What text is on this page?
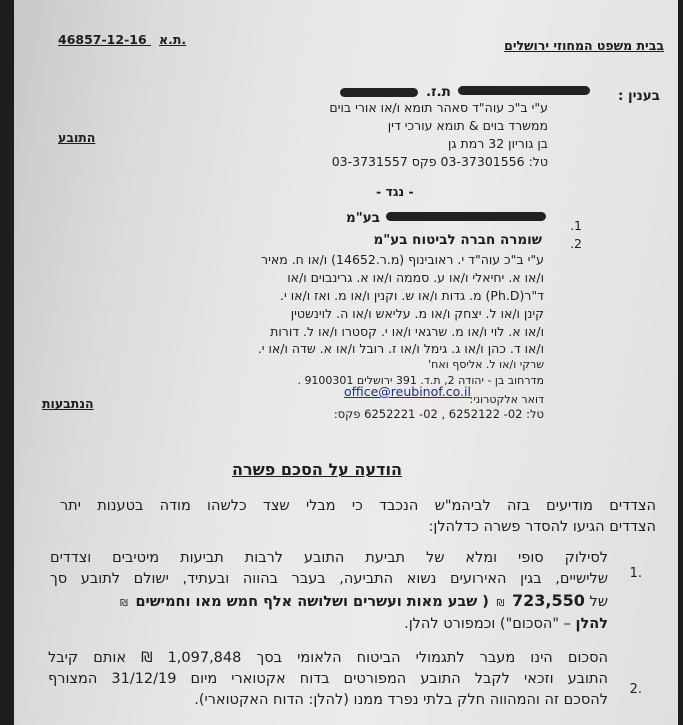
46857-12-16 ת.א.	בבית משפט המחוזי ירושלים
בענין :
ת.ז.
ע"י ב"כ עוה"ד סאהר תומא ו/או אורי בוים
ממשרד בוים & תומא עורכי דין
בן גוריון 32 רמת גן
טל: 03-37301556 פקס 03-3731557
התובע
- נגד -
1.
בע"מ
2.
שומרה חברה לביטוח בע"מ
ע"י ב"כ עוה"ד י. ראובינוף (מ.ר.14652) ו/או ח. מאיר
ו/או א. יחיאלי ו/או ע. סממה ו/או א. גרינבוים ו/או
ד"ר(Ph.D) מ. גדות ו/או ש. וקנין ו/או מ. ואז ו/או י.
קינן ו/או ל. יצחק ו/או מ. עליאש ו/או ה. לוינשטין
ו/או א. לוי ו/או מ. שרגאי ו/או י. קסטרו ו/או ל. דורות
ו/או ד. כהן ו/או ג. גימל ו/או ז. רובל ו/או א. שדה ו/או י.
שרקי ו/או ל. אליסף ואח'
מדרחוב בן - יהודה 2, ת.ד. 391 ירושלים 9100301 .
דואר אלקטרוני:
office@reubinof.co.il
טל: 02- 6252122 , 02- 6252221 פקס:
הנתבעות
הודעה על הסכם פשרה
הצדדים מודיעים בזה לביהמ"ש הנכבד כי מבלי שצד כלשהו מודה בטענות יתר
הצדדים הגיעו להסדר פשרה כדלהלן:
.1
לסילוק סופי ומלא של תביעת התובע לרבות תביעות מיטיבים וצדדים
שלישיים, בגין האירועים נשוא התביעה, בעבר בהווה ובעתיד, ישולם לתובע סך
של 723,550 ₪ ( שבע מאות ועשרים ושלושה אלף חמש מאו וחמישים ₪
להלן – "הסכום") וכמפורט להלן.
.2
הסכום הינו מעבר לתגמולי הביטוח הלאומי בסך 1,097,848 ₪ אותם קיבל
התובע וזכאי לקבל התובע המפורטים בדוח אקטוארי מיום 31/12/19 המצורף
להסכם זה והמהווה חלק בלתי נפרד ממנו (להלן: הדוח האקטוארי).
